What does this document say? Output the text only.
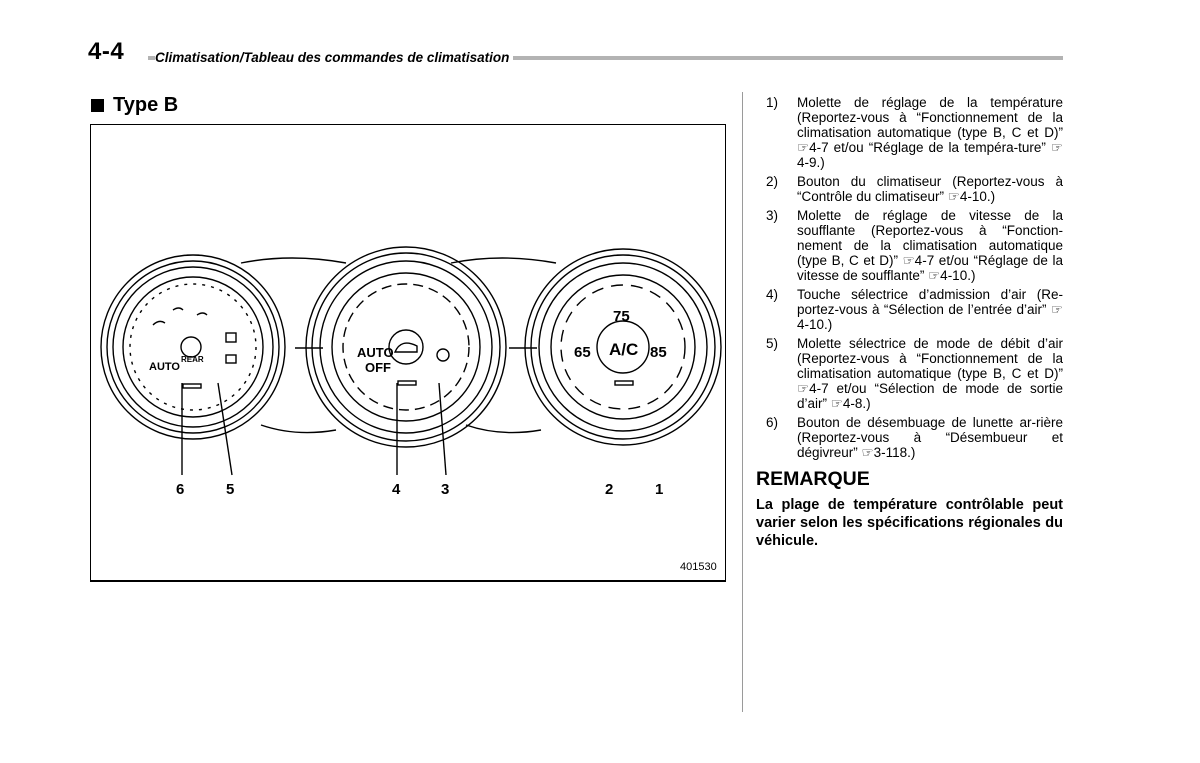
4-4 Climatisation/Tableau des commandes de climatisation
Type B
AUTO
REAR	AUTO
OFF
A/C
75
65	85
6	5	4	3	2	1
401530
1)	Molette de réglage de la température (Reportez-vous à “Fonctionnement de la climatisation automatique (type B, C et D)” ☞4-7 et/ou “Réglage de la tempéra-ture” ☞4-9.)
2)	Bouton du climatiseur (Reportez-vous à “Contrôle du climatiseur” ☞4-10.)
3)	Molette de réglage de vitesse de la soufflante (Reportez-vous à “Fonction-nement de la climatisation automatique (type B, C et D)” ☞4-7 et/ou “Réglage de la vitesse de soufflante” ☞4-10.)
4)	Touche sélectrice d’admission d’air (Re-portez-vous à “Sélection de l’entrée d’air” ☞4-10.)
5)	Molette sélectrice de mode de débit d’air (Reportez-vous à “Fonctionnement de la climatisation automatique (type B, C et D)” ☞4-7 et/ou “Sélection de mode de sortie d’air” ☞4-8.)
6)	Bouton de désembuage de lunette ar-rière (Reportez-vous à “Désembueur et dégivreur” ☞3-118.)
REMARQUE
La plage de température contrôlable peut varier selon les spécifications régionales du véhicule.
